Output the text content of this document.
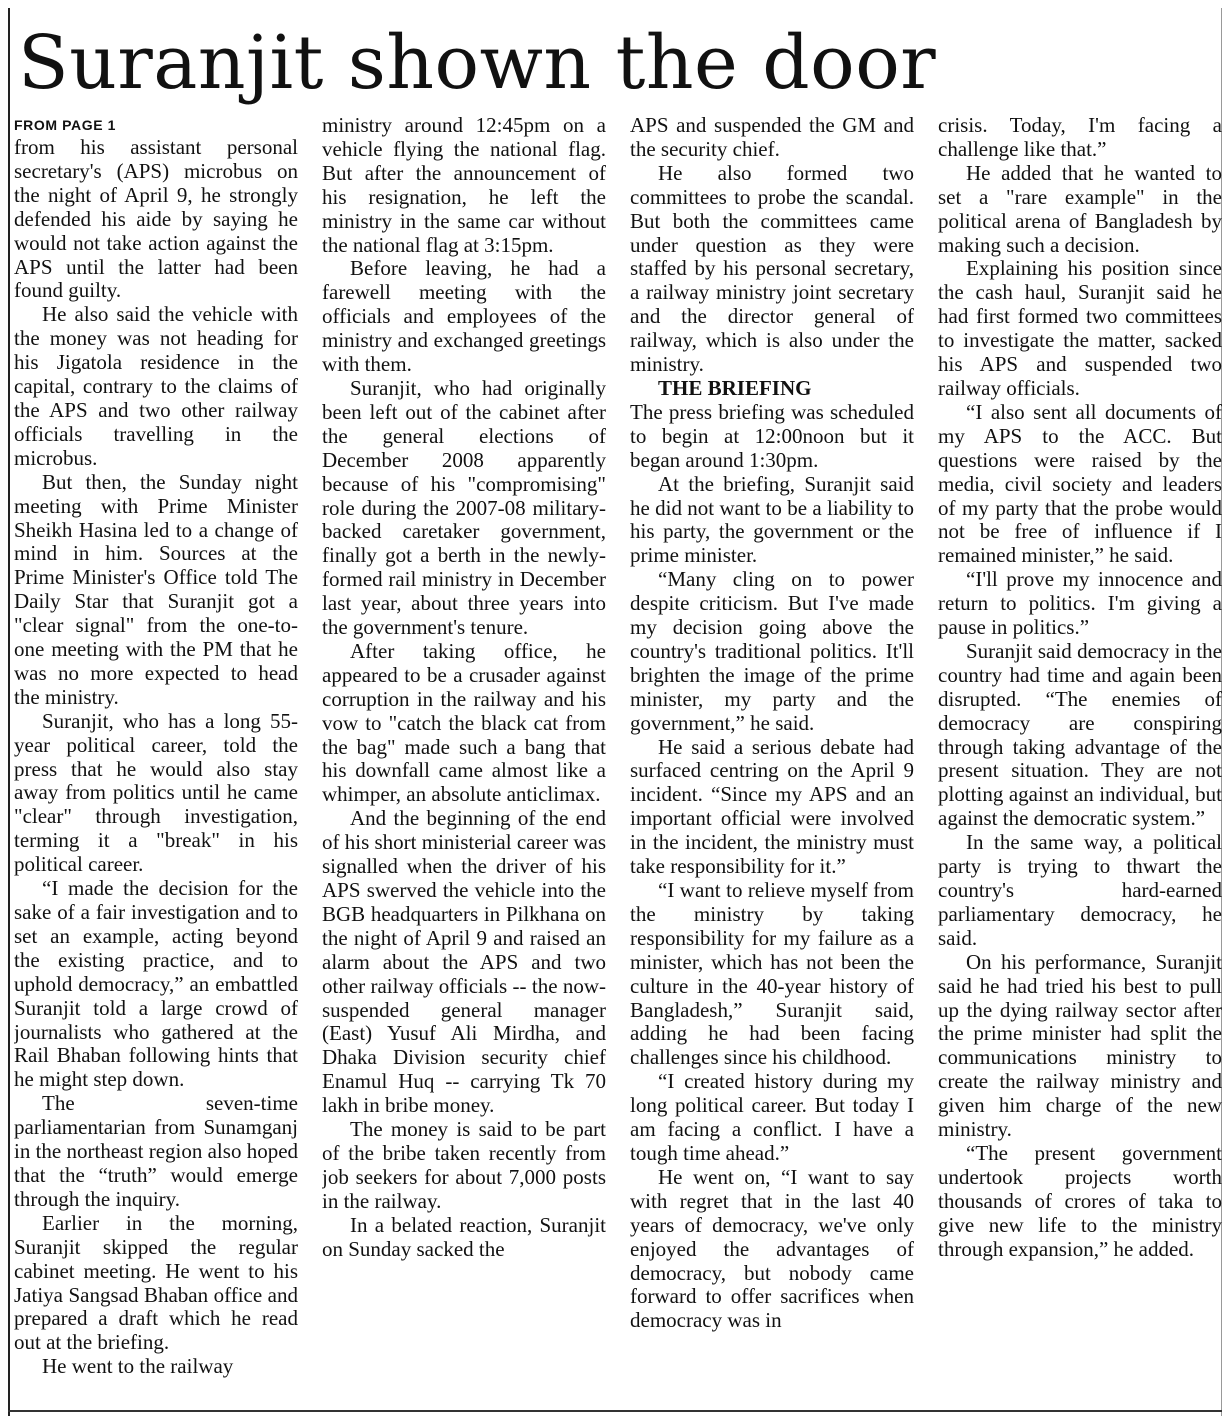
Suranjit shown the door
FROM PAGE 1

from his assistant personal secretary's (APS) microbus on the night of April 9, he strongly defended his aide by saying he would not take action against the APS until the latter had been found guilty.

He also said the vehicle with the money was not heading for his Jigatola residence in the capital, contrary to the claims of the APS and two other railway officials travelling in the microbus.

But then, the Sunday night meeting with Prime Minister Sheikh Hasina led to a change of mind in him. Sources at the Prime Minister's Office told The Daily Star that Suranjit got a "clear signal" from the one-to-one meeting with the PM that he was no more expected to head the ministry.

Suranjit, who has a long 55-year political career, told the press that he would also stay away from politics until he came "clear" through investigation, terming it a "break" in his political career.

“I made the decision for the sake of a fair investigation and to set an example, acting beyond the existing practice, and to uphold democracy,” an embattled Suranjit told a large crowd of journalists who gathered at the Rail Bhaban following hints that he might step down.

The seven-time parliamentarian from Sunamganj in the northeast region also hoped that the “truth” would emerge through the inquiry.

Earlier in the morning, Suranjit skipped the regular cabinet meeting. He went to his Jatiya Sangsad Bhaban office and prepared a draft which he read out at the briefing.

He went to the railway

ministry around 12:45pm on a vehicle flying the national flag. But after the announcement of his resignation, he left the ministry in the same car without the national flag at 3:15pm.

Before leaving, he had a farewell meeting with the officials and employees of the ministry and exchanged greetings with them.

Suranjit, who had originally been left out of the cabinet after the general elections of December 2008 apparently because of his "compromising" role during the 2007-08 military-backed caretaker government, finally got a berth in the newly-formed rail ministry in December last year, about three years into the government's tenure.

After taking office, he appeared to be a crusader against corruption in the railway and his vow to "catch the black cat from the bag" made such a bang that his downfall came almost like a whimper, an absolute anticlimax.

And the beginning of the end of his short ministerial career was signalled when the driver of his APS swerved the vehicle into the BGB headquarters in Pilkhana on the night of April 9 and raised an alarm about the APS and two other railway officials -- the now-suspended general manager (East) Yusuf Ali Mirdha, and Dhaka Division security chief Enamul Huq -- carrying Tk 70 lakh in bribe money.

The money is said to be part of the bribe taken recently from job seekers for about 7,000 posts in the railway.

In a belated reaction, Suranjit on Sunday sacked the

APS and suspended the GM and the security chief.

He also formed two committees to probe the scandal. But both the committees came under question as they were staffed by his personal secretary, a railway ministry joint secretary and the director general of railway, which is also under the ministry.

THE BRIEFING

The press briefing was scheduled to begin at 12:00noon but it began around 1:30pm.

At the briefing, Suranjit said he did not want to be a liability to his party, the government or the prime minister.

“Many cling on to power despite criticism. But I've made my decision going above the country's traditional politics. It'll brighten the image of the prime minister, my party and the government,” he said.

He said a serious debate had surfaced centring on the April 9 incident. “Since my APS and an important official were involved in the incident, the ministry must take responsibility for it.”

“I want to relieve myself from the ministry by taking responsibility for my failure as a minister, which has not been the culture in the 40-year history of Bangladesh,” Suranjit said, adding he had been facing challenges since his childhood.

“I created history during my long political career. But today I am facing a conflict. I have a tough time ahead.”

He went on, “I want to say with regret that in the last 40 years of democracy, we've only enjoyed the advantages of democracy, but nobody came forward to offer sacrifices when democracy was in

crisis. Today, I'm facing a challenge like that.”

He added that he wanted to set a "rare example" in the political arena of Bangladesh by making such a decision.

Explaining his position since the cash haul, Suranjit said he had first formed two committees to investigate the matter, sacked his APS and suspended two railway officials.

“I also sent all documents of my APS to the ACC. But questions were raised by the media, civil society and leaders of my party that the probe would not be free of influence if I remained minister,” he said.

“I'll prove my innocence and return to politics. I'm giving a pause in politics.”

Suranjit said democracy in the country had time and again been disrupted. “The enemies of democracy are conspiring through taking advantage of the present situation. They are not plotting against an individual, but against the democratic system.”

In the same way, a political party is trying to thwart the country's hard-earned parliamentary democracy, he said.

On his performance, Suranjit said he had tried his best to pull up the dying railway sector after the prime minister had split the communications ministry to create the railway ministry and given him charge of the new ministry.

“The present government undertook projects worth thousands of crores of taka to give new life to the ministry through expansion,” he added.
